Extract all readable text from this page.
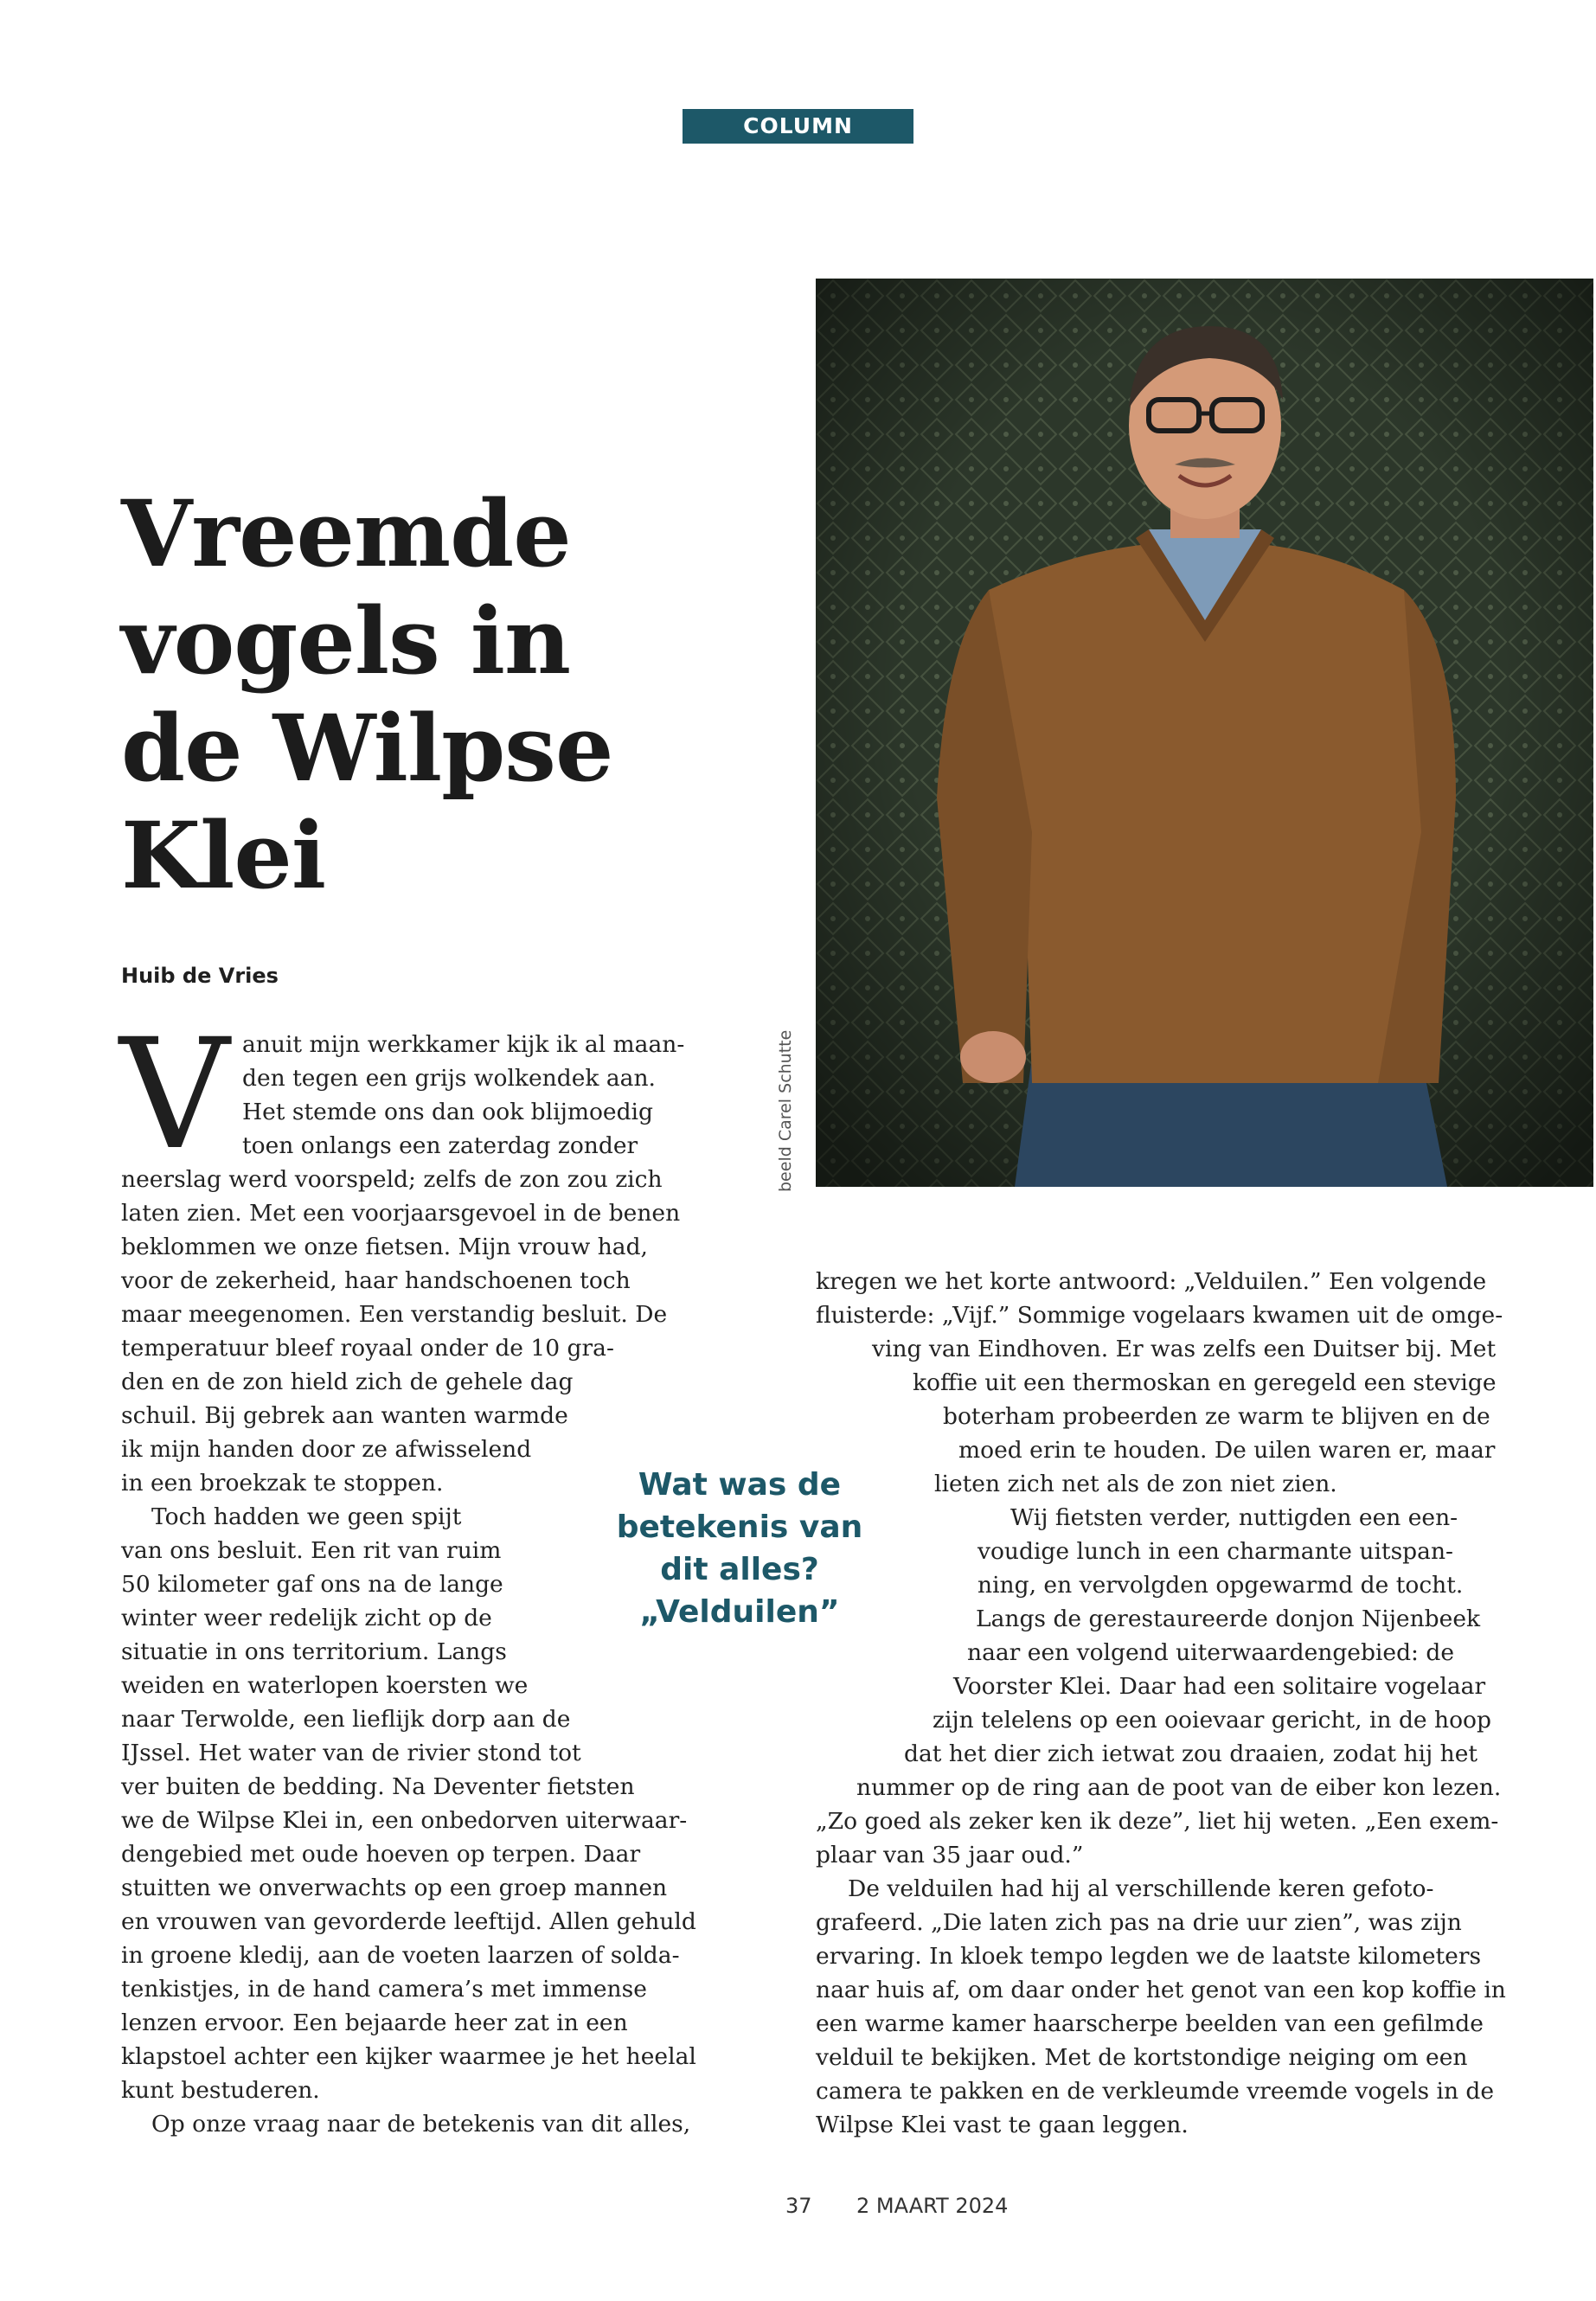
COLUMN
beeld Carel Schutte
Vreemde vogels in de Wilpse Klei
Huib de Vries
V anuit mijn werkkamer kijk ik al maan-
den tegen een grijs wolkendek aan.
Het stemde ons dan ook blijmoedig
toen onlangs een zaterdag zonder
neerslag werd voorspeld; zelfs de zon zou zich
laten zien. Met een voorjaarsgevoel in de benen
beklommen we onze fietsen. Mijn vrouw had,
voor de zekerheid, haar handschoenen toch
maar meegenomen. Een verstandig besluit. De
temperatuur bleef royaal onder de 10 gra-
den en de zon hield zich de gehele dag
schuil. Bij gebrek aan wanten warmde
ik mijn handen door ze afwisselend
in een broekzak te stoppen.
Toch hadden we geen spijt
van ons besluit. Een rit van ruim
50 kilometer gaf ons na de lange
winter weer redelijk zicht op de
situatie in ons territorium. Langs
weiden en waterlopen koersten we
naar Terwolde, een lieflijk dorp aan de
IJssel. Het water van de rivier stond tot
ver buiten de bedding. Na Deventer fietsten
we de Wilpse Klei in, een onbedorven uiterwaar-
dengebied met oude hoeven op terpen. Daar
stuitten we onverwachts op een groep mannen
en vrouwen van gevorderde leeftijd. Allen gehuld
in groene kledij, aan de voeten laarzen of solda-
tenkistjes, in de hand camera’s met immense
lenzen ervoor. Een bejaarde heer zat in een
klapstoel achter een kijker waarmee je het heelal
kunt bestuderen.
Op onze vraag naar de betekenis van dit alles,
Wat was de betekenis van dit alles? „Velduilen”
kregen we het korte antwoord: „Velduilen.” Een volgende
fluisterde: „Vijf.” Sommige vogelaars kwamen uit de omge-
ving van Eindhoven. Er was zelfs een Duitser bij. Met
koffie uit een thermoskan en geregeld een stevige
boterham probeerden ze warm te blijven en de
moed erin te houden. De uilen waren er, maar
lieten zich net als de zon niet zien.
Wij fietsten verder, nuttigden een een-
voudige lunch in een charmante uitspan-
ning, en vervolgden opgewarmd de tocht.
Langs de gerestaureerde donjon Nijenbeek
naar een volgend uiterwaardengebied: de
Voorster Klei. Daar had een solitaire vogelaar
zijn telelens op een ooievaar gericht, in de hoop
dat het dier zich ietwat zou draaien, zodat hij het
nummer op de ring aan de poot van de eiber kon lezen.
„Zo goed als zeker ken ik deze”, liet hij weten. „Een exem-
plaar van 35 jaar oud.”
De velduilen had hij al verschillende keren gefoto-
grafeerd. „Die laten zich pas na drie uur zien”, was zijn
ervaring. In kloek tempo legden we de laatste kilometers
naar huis af, om daar onder het genot van een kop koffie in
een warme kamer haarscherpe beelden van een gefilmde
velduil te bekijken. Met de kortstondige neiging om een
camera te pakken en de verkleumde vreemde vogels in de
Wilpse Klei vast te gaan leggen.
37 2 MAART 2024
